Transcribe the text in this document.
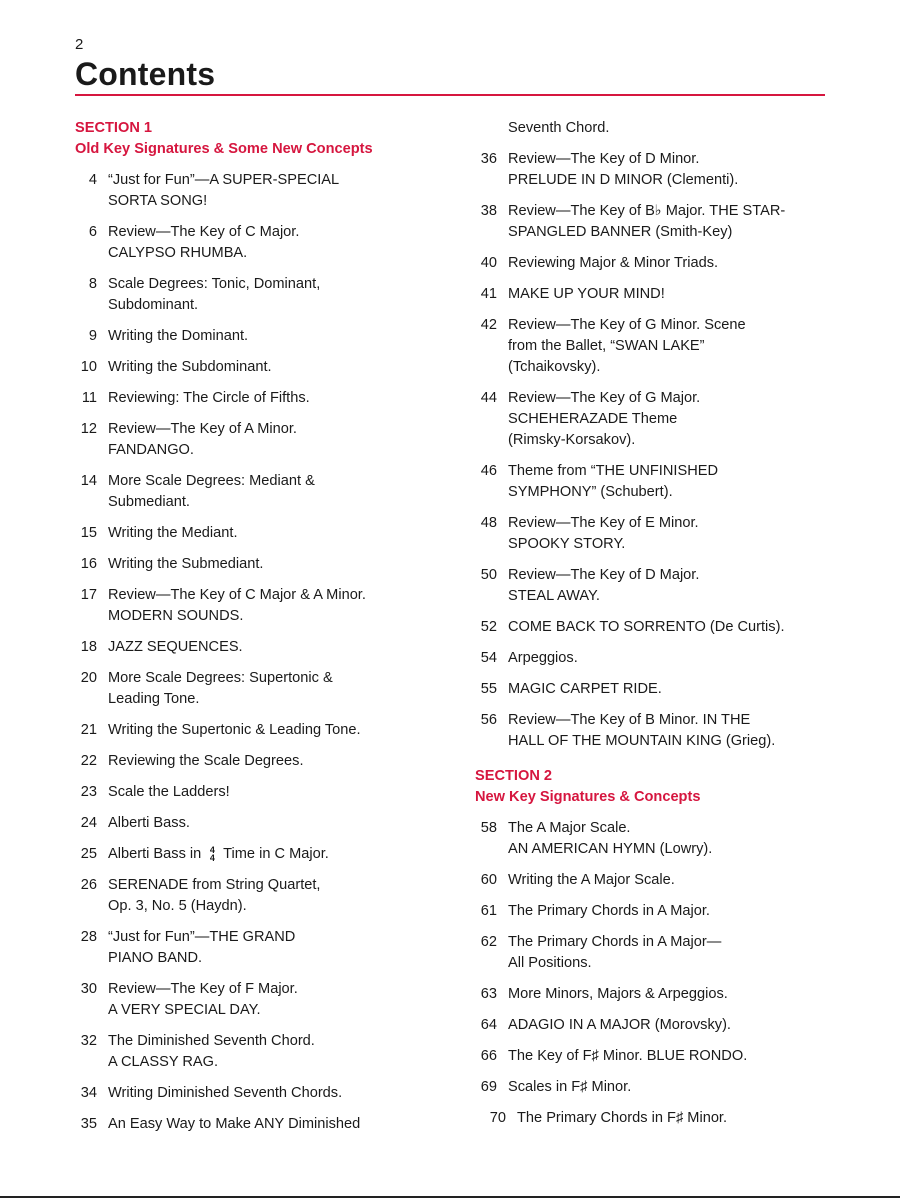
2
Contents
SECTION 1
Old Key Signatures & Some New Concepts
4 “Just for Fun”—A SUPER-SPECIAL
SORTA SONG!
6 Review—The Key of C Major.
CALYPSO RHUMBA.
8 Scale Degrees: Tonic, Dominant,
Subdominant.
9 Writing the Dominant.
10 Writing the Subdominant.
11 Reviewing: The Circle of Fifths.
12 Review—The Key of A Minor.
FANDANGO.
14 More Scale Degrees: Mediant &
Submediant.
15 Writing the Mediant.
16 Writing the Submediant.
17 Review—The Key of C Major & A Minor.
MODERN SOUNDS.
18 JAZZ SEQUENCES.
20 More Scale Degrees: Supertonic &
Leading Tone.
21 Writing the Supertonic & Leading Tone.
22 Reviewing the Scale Degrees.
23 Scale the Ladders!
24 Alberti Bass.
25 Alberti Bass in 4
4 Time in C Major.
26 SERENADE from String Quartet,
Op. 3, No. 5 (Haydn).
28 “Just for Fun”—THE GRAND
PIANO BAND.
30 Review—The Key of F Major.
A VERY SPECIAL DAY.
32 The Diminished Seventh Chord.
A CLASSY RAG.
34 Writing Diminished Seventh Chords.
35 An Easy Way to Make ANY Diminished
Seventh Chord.
36 Review—The Key of D Minor.
PRELUDE IN D MINOR (Clementi).
38 Review—The Key of B♭ Major. THE STAR-
SPANGLED BANNER (Smith-Key)
40 Reviewing Major & Minor Triads.
41 MAKE UP YOUR MIND!
42 Review—The Key of G Minor. Scene
from the Ballet, “SWAN LAKE”
(Tchaikovsky).
44 Review—The Key of G Major.
SCHEHERAZADE Theme
(Rimsky-Korsakov).
46 Theme from “THE UNFINISHED
SYMPHONY” (Schubert).
48 Review—The Key of E Minor.
SPOOKY STORY.
50 Review—The Key of D Major.
STEAL AWAY.
52 COME BACK TO SORRENTO (De Curtis).
54 Arpeggios.
55 MAGIC CARPET RIDE.
56 Review—The Key of B Minor. IN THE
HALL OF THE MOUNTAIN KING (Grieg).
SECTION 2
New Key Signatures & Concepts
58 The A Major Scale.
AN AMERICAN HYMN (Lowry).
60 Writing the A Major Scale.
61 The Primary Chords in A Major.
62 The Primary Chords in A Major—
All Positions.
63 More Minors, Majors & Arpeggios.
64 ADAGIO IN A MAJOR (Morovsky).
66 The Key of F♯ Minor. BLUE RONDO.
69 Scales in F♯ Minor.
70 The Primary Chords in F♯ Minor.
